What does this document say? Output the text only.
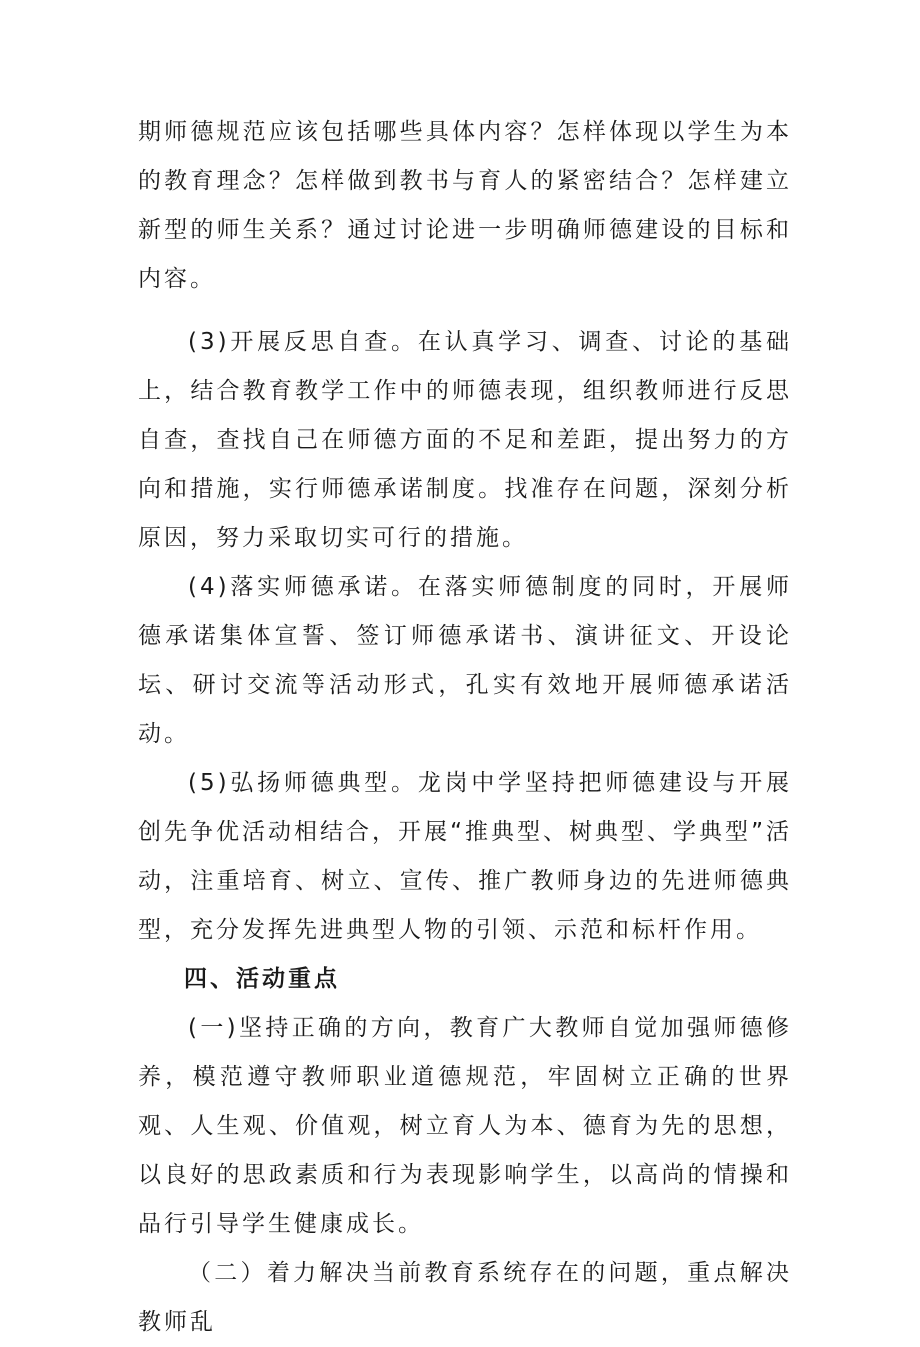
期师德规范应该包括哪些具体内容？怎样体现以学生为本的教育理念？怎样做到教书与育人的紧密结合？怎样建立新型的师生关系？通过讨论进一步明确师德建设的目标和内容。

(3)开展反思自查。在认真学习、调查、讨论的基础上，结合教育教学工作中的师德表现，组织教师进行反思自查，查找自己在师德方面的不足和差距，提出努力的方向和措施，实行师德承诺制度。找准存在问题，深刻分析原因，努力采取切实可行的措施。

(4)落实师德承诺。在落实师德制度的同时，开展师德承诺集体宣誓、签订师德承诺书、演讲征文、开设论坛、研讨交流等活动形式，孔实有效地开展师德承诺活动。

(5)弘扬师德典型。龙岗中学坚持把师德建设与开展创先争优活动相结合，开展“推典型、树典型、学典型”活动，注重培育、树立、宣传、推广教师身边的先进师德典型，充分发挥先进典型人物的引领、示范和标杆作用。

四、活动重点

(一)坚持正确的方向，教育广大教师自觉加强师德修养，模范遵守教师职业道德规范，牢固树立正确的世界观、人生观、价值观，树立育人为本、德育为先的思想，以良好的思政素质和行为表现影响学生，以高尚的情操和品行引导学生健康成长。

（二）着力解决当前教育系统存在的问题，重点解决教师乱
